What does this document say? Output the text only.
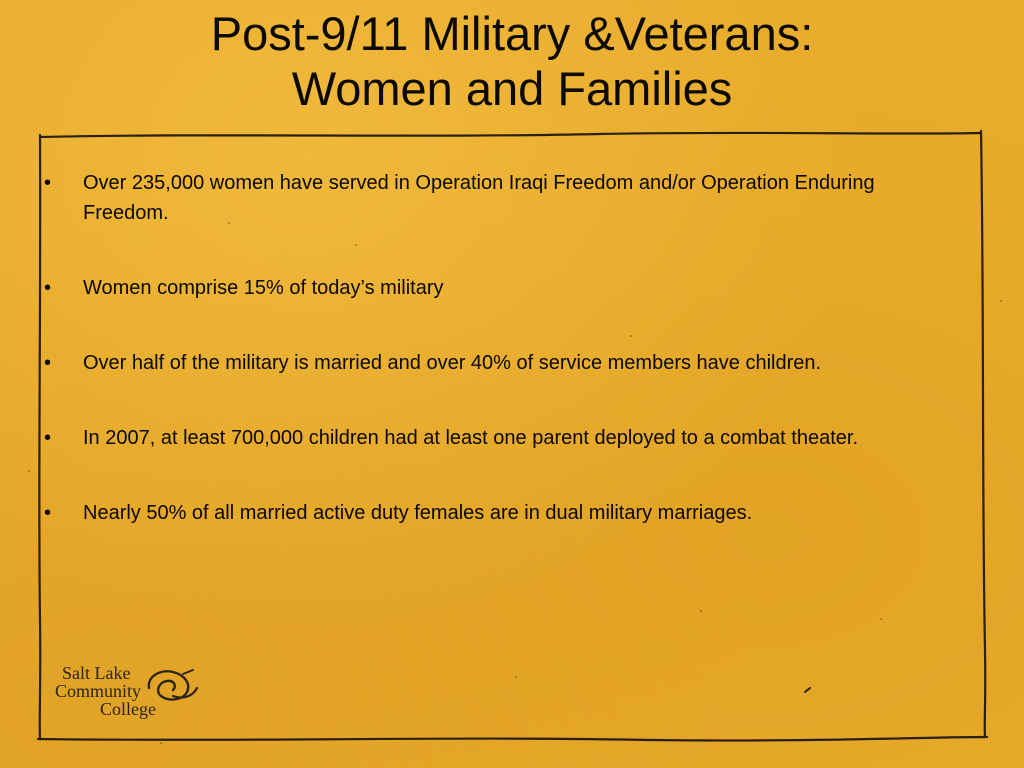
Post-9/11 Military &Veterans:
Women and Families
•	Over 235,000 women have served in Operation Iraqi Freedom and/or Operation Enduring Freedom.
•	Women comprise 15% of today’s military
•	Over half of the military is married and over 40% of service members have children.
•	In 2007, at least 700,000 children had at least one parent deployed to a combat theater.
•	Nearly 50% of all married active duty females are in dual military marriages.
Salt Lake
Community
College
